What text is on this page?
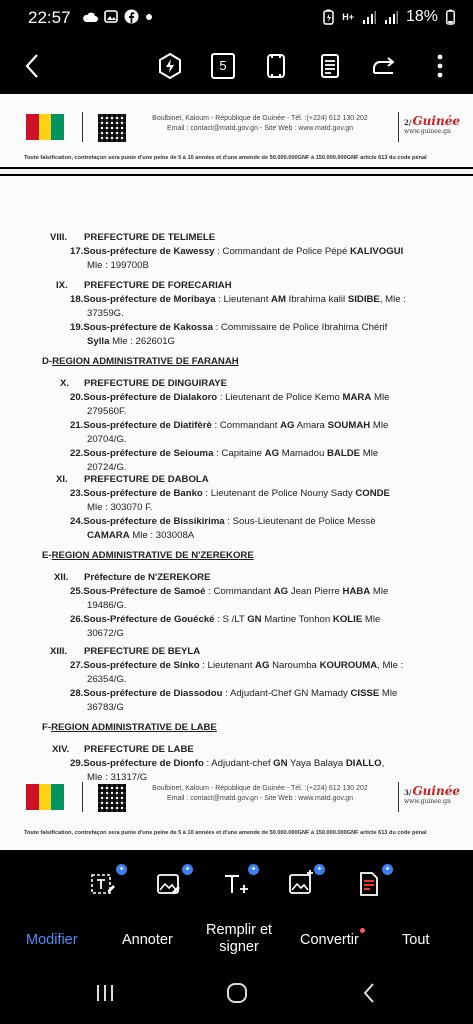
22:57	H+	18%
5
Boulbinet, Kaloum - République de Guinée - Tél. :(+224) 612 130 202
Email : contact@matd.gov.gn - Site Web : www.matd.gov.gn
2/Guinée
www.guinee.gn
Toute falsification, contrefaçon sera punie d'une peine de 5 à 10 années et d'une amende de 50.000.000GNF à 150.000.000GNF article 613 du code pénal
VIII. PREFECTURE DE TELIMELE
17.Sous-préfecture de Kawessy : Commandant de Police Pépé KALIVOGUI
Mle : 199700B
IX. PREFECTURE DE FORECARIAH
18.Sous-préfecture de Moribaya : Lieutenant AM Ibrahima kalil SIDIBE, Mle :
37359G.
19.Sous-préfecture de Kakossa : Commissaire de Police Ibrahima Chérif
Sylla Mle : 262601G
D-REGION ADMINISTRATIVE DE FARANAH
X. PREFECTURE DE DINGUIRAYE
20.Sous-préfecture de Dialakoro : Lieutenant de Police Kemo MARA Mle
279560F.
21.Sous-préfecture de Diatifèrè : Commandant AG Amara SOUMAH Mle
20704/G.
22.Sous-préfecture de Seiouma : Capitaine AG Mamadou BALDE Mle
20724/G.
XI. PREFECTURE DE DABOLA
23.Sous-préfecture de Banko : Lieutenant de Police Nouny Sady CONDE
Mle : 303070 F.
24.Sous-préfecture de Bissikirima : Sous-Lieutenant de Police Messè
CAMARA Mle : 303008A
E-REGION ADMINISTRATIVE DE N'ZEREKORE
XII. Préfecture de N'ZEREKORE
25.Sous-Préfecture de Samoé : Commandant AG Jean Pierre HABA Mle
19486/G.
26.Sous-Préfecture de Gouécké : S /LT GN Martine Tonhon KOLIE Mle
30672/G
XIII. PREFECTURE DE BEYLA
27.Sous-préfecture de Sinko : Lieutenant AG Naroumba KOUROUMA, Mle :
26354/G.
28.Sous-préfecture de Diassodou : Adjudant-Chef GN Mamady CISSE Mle
36783/G
F-REGION ADMINISTRATIVE DE LABE
XIV. PREFECTURE DE LABE
29.Sous-préfecture de Dionfo : Adjudant-chef GN Yaya Balaya DIALLO,
Mle : 31317/G
Boulbinet, Kaloum - République de Guinée - Tél. :(+224) 612 130 202
Email : contact@matd.gov.gn - Site Web : www.matd.gov.gn
3/Guinée
www.guinee.gn
Toute falsification, contrefaçon sera punie d'une peine de 5 à 10 années et d'une amende de 50.000.000GNF à 150.000.000GNF article 613 du code pénal
✦	✦	✦	✦	✦
Modifier	Annoter
Remplir et
signer	Convertir	Tout
